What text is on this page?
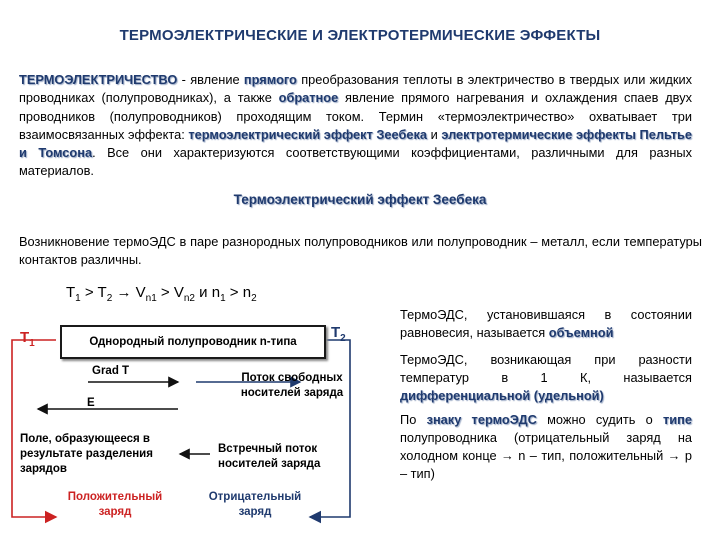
ТЕРМОЭЛЕКТРИЧЕСКИЕ И ЭЛЕКТРОТЕРМИЧЕСКИЕ ЭФФЕКТЫ
ТЕРМОЭЛЕКТРИЧЕСТВО - явление прямого преобразования теплоты в электричество в твердых или жидких проводниках (полупроводниках), а также обратное явление прямого нагревания и охлаждения спаев двух проводников (полупроводников) проходящим током. Термин «термоэлектричество» охватывает три взаимосвязанных эффекта: термоэлектрический эффект Зеебека и электротермические эффекты Пельтье и Томсона. Все они характеризуются соответствующими коэффициентами, различными для разных материалов.
Термоэлектрический эффект Зеебека
Возникновение термоЭДС в паре разнородных полупроводников или полупроводник – металл, если температуры контактов различны.
$T_1 > T_2 \to V_{n1} > V_{n2}$ и $n_1 > n_2$
$T_1$
$T_2$
Однородный полупроводник n-типа
Grad T
Поток свободных носителей заряда
E
Поле, образующееся в результате разделения зарядов
Встречный поток носителей заряда
Положительный заряд
Отрицательный заряд
ТермоЭДС, установившаяся в состоянии равновесия, называется объемной
ТермоЭДС, возникающая при разности температур в 1 К, называется дифференциальной (удельной)
По знаку термоЭДС можно судить о типе полупроводника (отрицательный заряд на холодном конце → n – тип, положительный → p – тип)
